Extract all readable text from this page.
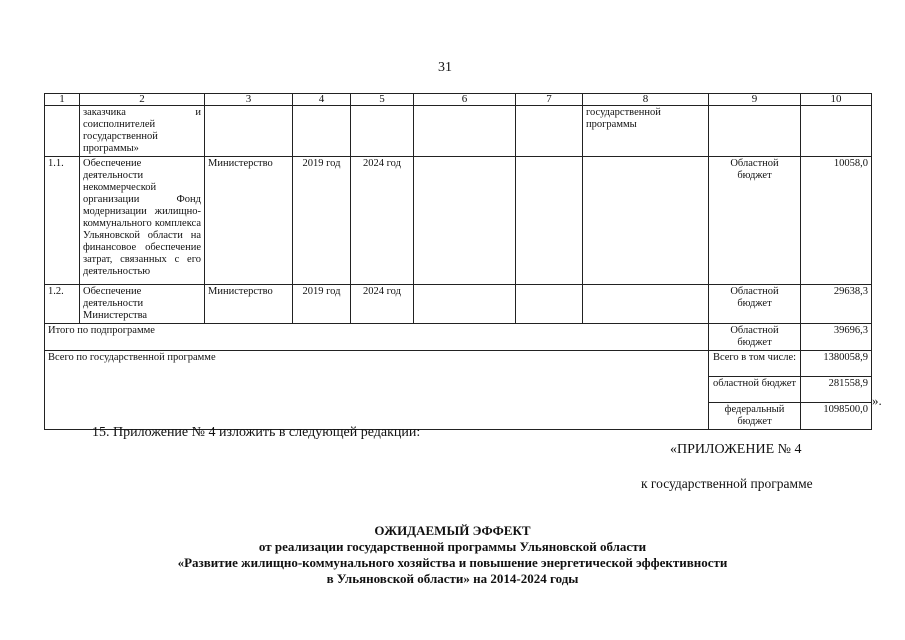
31
1	2	3	4	5	6	7	8	9	10
	заказчика и соисполнителей государственной программы»						государственной программы		
1.1.	Обеспечение деятельности некоммерческой организации Фонд модернизации жилищно-коммунального комплекса Ульяновской области на финансовое обеспечение затрат, связанных с его деятельностью	Министерство	2019 год	2024 год				Областной бюджет	10058,0
1.2.	Обеспечение деятельности Министерства	Министерство	2019 год	2024 год				Областной бюджет	29638,3
Итого по подпрограмме								Областной бюджет	39696,3
Всего по государственной программе								Всего в том числе:	1380058,9
								областной бюджет	281558,9
								федеральный бюджет	1098500,0
».
15. Приложение № 4 изложить в следующей редакции:
«ПРИЛОЖЕНИЕ № 4
к государственной программе
ОЖИДАЕМЫЙ ЭФФЕКТ
от реализации государственной программы Ульяновской области
«Развитие жилищно-коммунального хозяйства и повышение энергетической эффективности
в Ульяновской области» на 2014-2024 годы
